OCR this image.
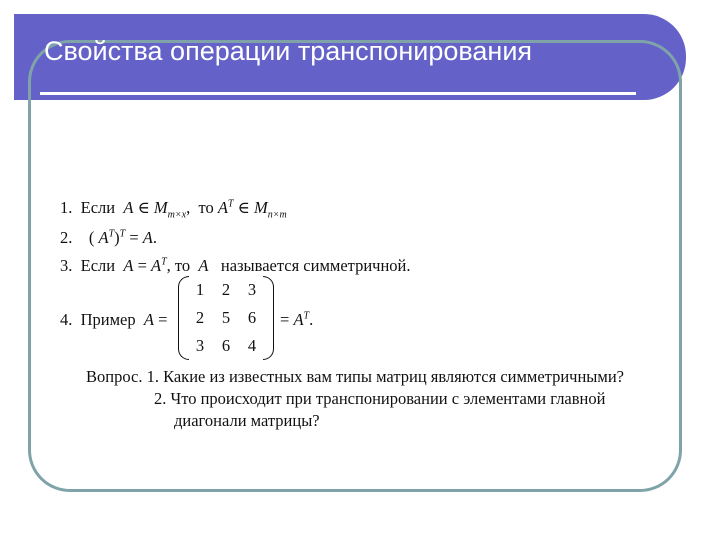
Свойства операции транспонирования
1. Если A ∈ $M_{m\times x}$, то $A^T$ ∈ $M_{n\times m}$
2. ( $A^T)^T = A$.
3. Если $A = A^T$, то A называется симметричной.
4. Пример A =
1	2	3
2	5	6
3	6	4
= $A^T$.
Вопрос. 1. Какие из известных вам типы матриц являются симметричными?
2. Что происходит при транспонировании с элементами главной
диагонали матрицы?
